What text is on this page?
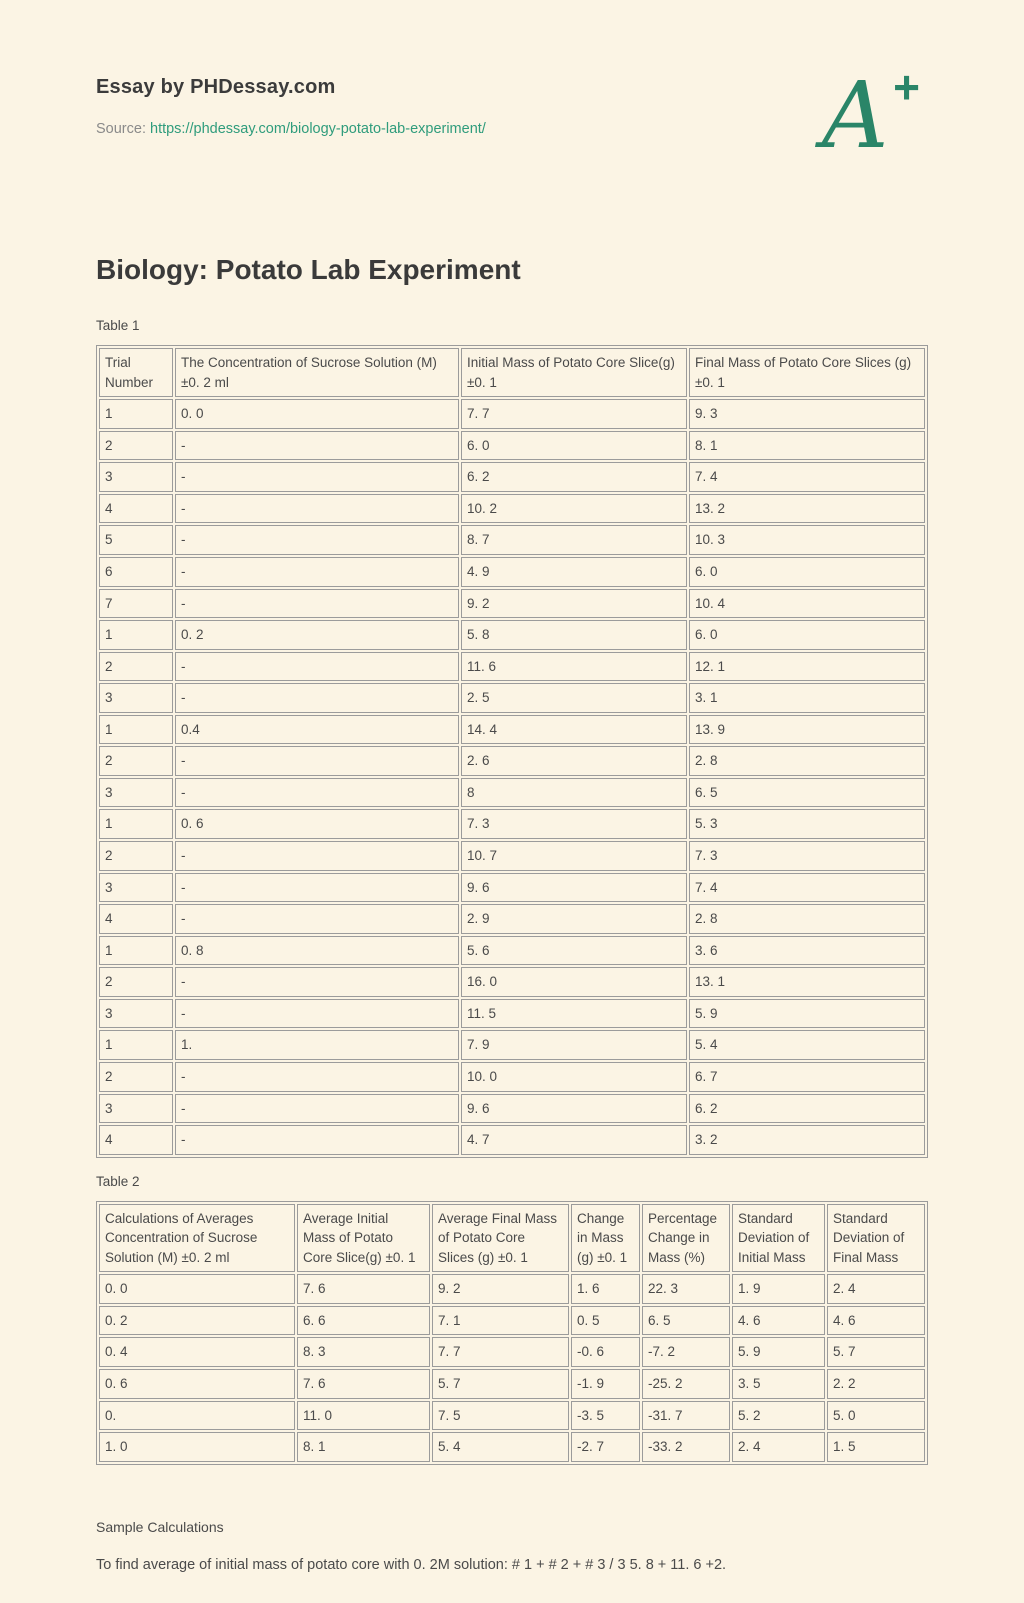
Essay by PHDessay.com
Source: https://phdessay.com/biology-potato-lab-experiment/	A +
Biology: Potato Lab Experiment
Table 1
Trial Number	The Concentration of Sucrose Solution (M) ±0. 2 ml	Initial Mass of Potato Core Slice(g) ±0. 1	Final Mass of Potato Core Slices (g) ±0. 1
1	0. 0	7. 7	9. 3
2	-	6. 0	8. 1
3	-	6. 2	7. 4
4	-	10. 2	13. 2
5	-	8. 7	10. 3
6	-	4. 9	6. 0
7	-	9. 2	10. 4
1	0. 2	5. 8	6. 0
2	-	11. 6	12. 1
3	-	2. 5	3. 1
1	0.4	14. 4	13. 9
2	-	2. 6	2. 8
3	-	8	6. 5
1	0. 6	7. 3	5. 3
2	-	10. 7	7. 3
3	-	9. 6	7. 4
4	-	2. 9	2. 8
1	0. 8	5. 6	3. 6
2	-	16. 0	13. 1
3	-	11. 5	5. 9
1	1.	7. 9	5. 4
2	-	10. 0	6. 7
3	-	9. 6	6. 2
4	-	4. 7	3. 2
Table 2
Calculations of Averages Concentration of Sucrose Solution (M) ±0. 2 ml	Average Initial Mass of Potato Core Slice(g) ±0. 1	Average Final Mass of Potato Core Slices (g) ±0. 1	Change in Mass (g) ±0. 1	Percentage Change in Mass (%)	Standard Deviation of Initial Mass	Standard Deviation of Final Mass
0. 0	7. 6	9. 2	1. 6	22. 3	1. 9	2. 4
0. 2	6. 6	7. 1	0. 5	6. 5	4. 6	4. 6
0. 4	8. 3	7. 7	-0. 6	-7. 2	5. 9	5. 7
0. 6	7. 6	5. 7	-1. 9	-25. 2	3. 5	2. 2
0.	11. 0	7. 5	-3. 5	-31. 7	5. 2	5. 0
1. 0	8. 1	5. 4	-2. 7	-33. 2	2. 4	1. 5
Sample Calculations
To find average of initial mass of potato core with 0. 2M solution: # 1 + # 2 + # 3 / 3 5. 8 + 11. 6 +2.
